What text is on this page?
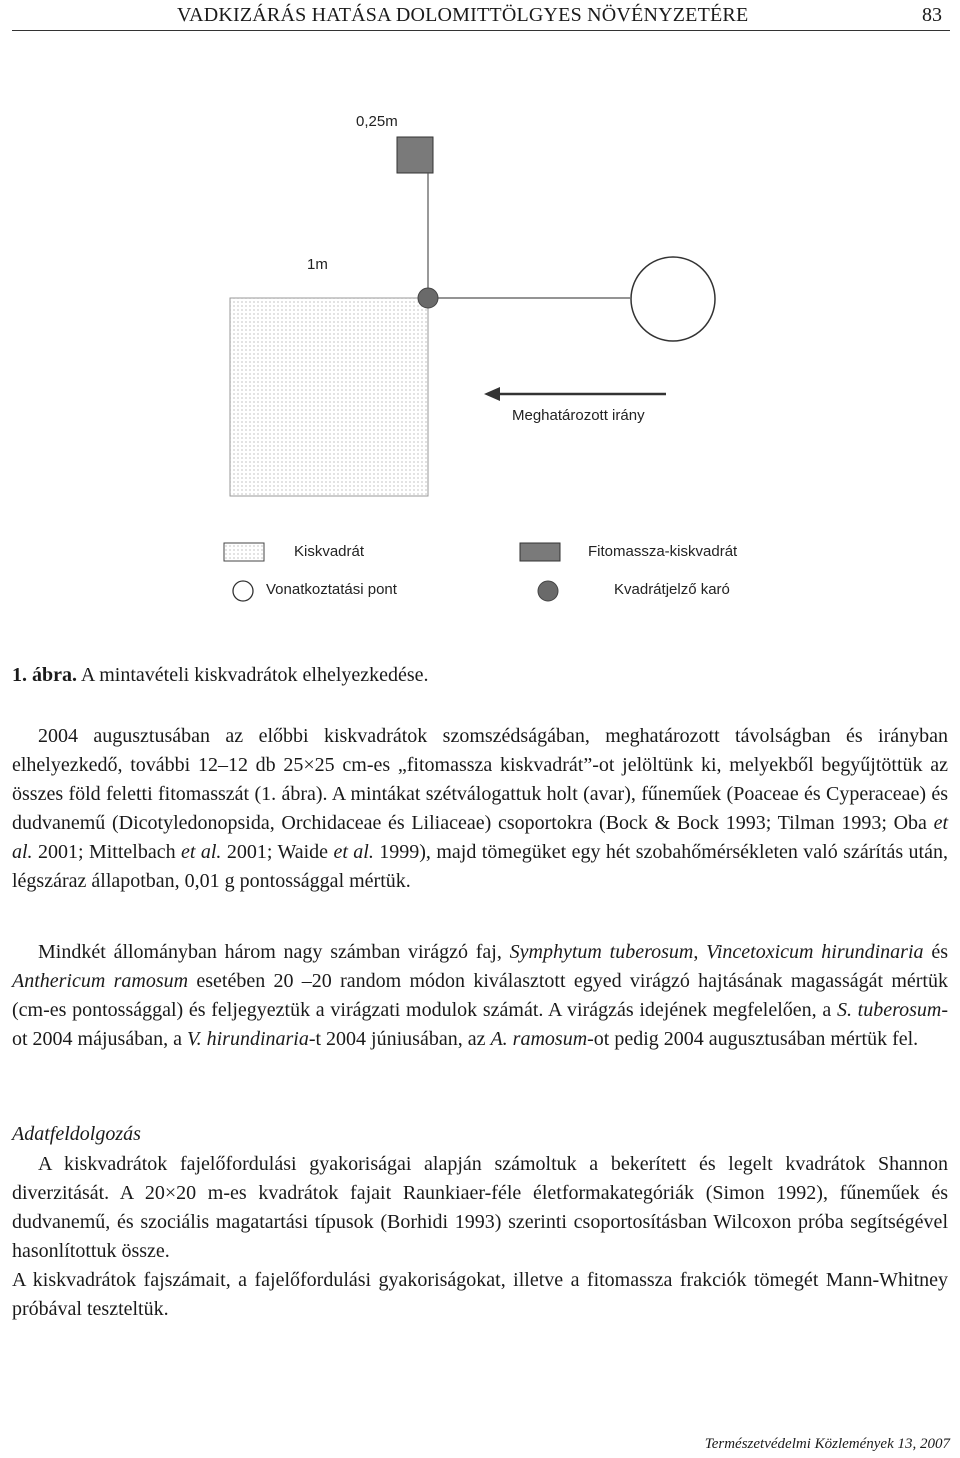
VADKIZÁRÁS HATÁSA DOLOMITTÖLGYES NÖVÉNYZETÉRE	83
0,25m
1m
Meghatározott irány
Kiskvadrát	Fitomassza-kiskvadrát
Vonatkoztatási pont	Kvadrátjelző karó
1. ábra. A mintavételi kiskvadrátok elhelyezkedése.

2004 augusztusában az előbbi kiskvadrátok szomszédságában, meghatározott távolságban és irányban elhelyezkedő, további 12–12 db 25×25 cm-es „fitomassza kiskvadrát”-ot jelöltünk ki, melyekből begyűjtöttük az összes föld feletti fitomasszát (1. ábra). A mintákat szétválogattuk holt (avar), fűneműek (Poaceae és Cyperaceae) és dudvanemű (Dicotyledonopsida, Orchidaceae és Liliaceae) csoportokra (Bock & Bock 1993; Tilman 1993; Oba et al. 2001; Mittelbach et al. 2001; Waide et al. 1999), majd tömegüket egy hét szobahőmérsékleten való szárítás után, légszáraz állapotban, 0,01 g pontossággal mértük.

Mindkét állományban három nagy számban virágzó faj, Symphytum tuberosum, Vincetoxicum hirundinaria és Anthericum ramosum esetében 20 –20 random módon kiválasztott egyed virágzó hajtásának magasságát mértük (cm-es pontossággal) és feljegyeztük a virágzati modulok számát. A virágzás idejének megfelelően, a S. tuberosum-ot 2004 májusában, a V. hirundinaria-t 2004 júniusában, az A. ramosum-ot pedig 2004 augusztusában mértük fel.

Adatfeldolgozás

A kiskvadrátok fajelőfordulási gyakoriságai alapján számoltuk a bekerített és legelt kvadrátok Shannon diverzitását. A 20×20 m-es kvadrátok fajait Raunkiaer-féle életformakategóriák (Simon 1992), fűneműek és dudvanemű, és szociális magatartási típusok (Borhidi 1993) szerinti csoportosításban Wilcoxon próba segítségével hasonlítottuk össze.

A kiskvadrátok fajszámait, a fajelőfordulási gyakoriságokat, illetve a fitomassza frakciók tömegét Mann-Whitney próbával teszteltük.

Természetvédelmi Közlemények 13, 2007
